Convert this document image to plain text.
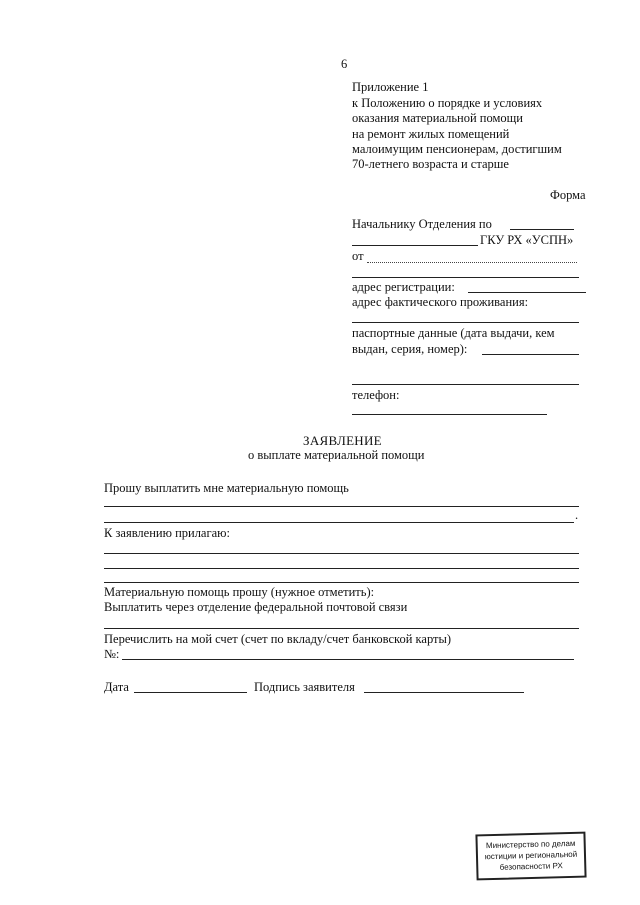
6
Приложение 1
к Положению о порядке и условиях
оказания материальной помощи
на ремонт жилых помещений
малоимущим пенсионерам, достигшим
70-летнего возраста и старше
Форма
Начальнику Отделения по
ГКУ РХ «УСПН»
от
адрес регистрации:
адрес фактического проживания:
паспортные данные (дата выдачи, кем
выдан, серия, номер):
телефон:
ЗАЯВЛЕНИЕ
о выплате материальной помощи
Прошу выплатить мне материальную помощь
.
К заявлению прилагаю:
Материальную помощь прошу (нужное отметить):
Выплатить через отделение федеральной почтовой связи
Перечислить на мой счет (счет по вкладу/счет банковской карты)
№:
Дата	Подпись заявителя
Министерство по делам
юстиции и региональной
безопасности РХ
